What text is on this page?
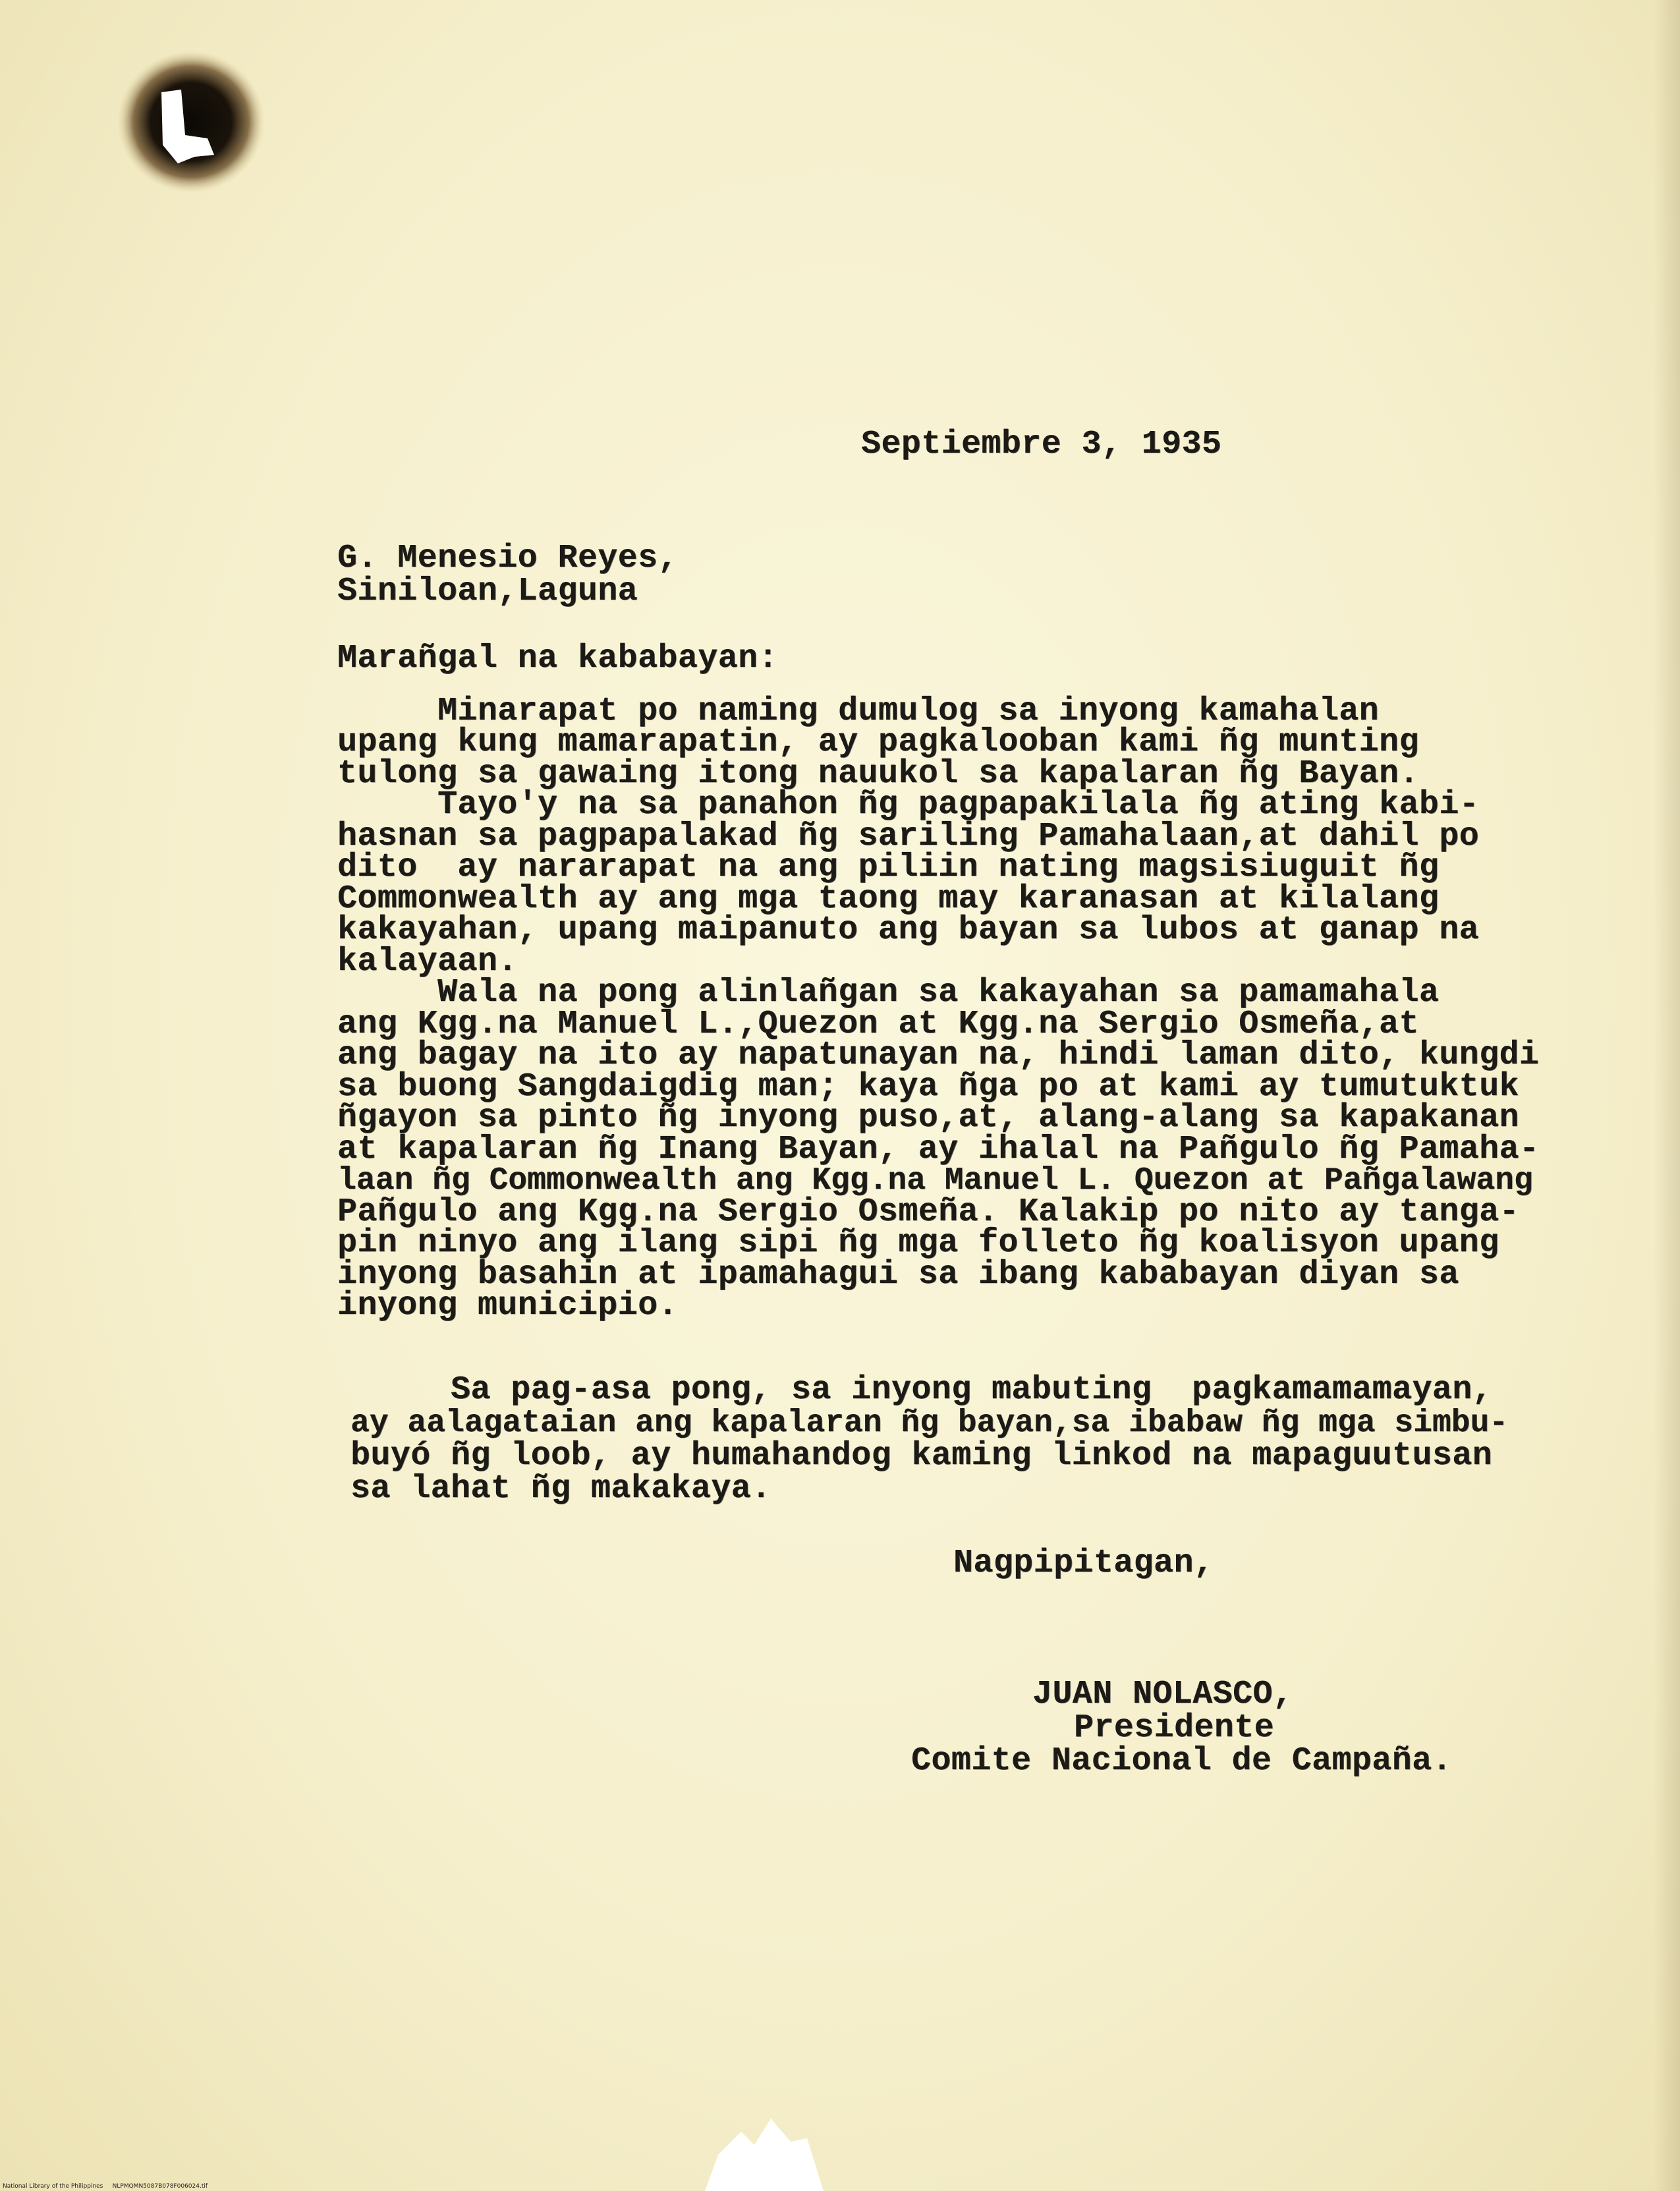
Septiembre 3, 1935
G. Menesio Reyes,
Siniloan,Laguna
Marañgal na kababayan:
Minarapat po naming dumulog sa inyong kamahalan
upang kung mamarapatin, ay pagkalooban kami ñg munting
tulong sa gawaing itong nauukol sa kapalaran ñg Bayan.
Tayo'y na sa panahon ñg pagpapakilala ñg ating kabi-
hasnan sa pagpapalakad ñg sariling Pamahalaan,at dahil po
dito  ay nararapat na ang piliin nating magsisiuguit ñg
Commonwealth ay ang mga taong may karanasan at kilalang
kakayahan, upang maipanuto ang bayan sa lubos at ganap na
kalayaan.
Wala na pong alinlañgan sa kakayahan sa pamamahala
ang Kgg.na Manuel L.,Quezon at Kgg.na Sergio Osmeña,at
ang bagay na ito ay napatunayan na, hindi laman dito, kungdi
sa buong Sangdaigdig man; kaya ñga po at kami ay tumutuktuk
ñgayon sa pinto ñg inyong puso,at, alang-alang sa kapakanan
at kapalaran ñg Inang Bayan, ay ihalal na Pañgulo ñg Pamaha-
laan ñg Commonwealth ang Kgg.na Manuel L. Quezon at Pañgalawang
Pañgulo ang Kgg.na Sergio Osmeña. Kalakip po nito ay tanga-
pin ninyo ang ilang sipi ñg mga folleto ñg koalisyon upang
inyong basahin at ipamahagui sa ibang kababayan diyan sa
inyong municipio.
Sa pag-asa pong, sa inyong mabuting  pagkamamamayan,
ay aalagataian ang kapalaran ñg bayan,sa ibabaw ñg mga simbu-
buyó ñg loob, ay humahandog kaming linkod na mapaguutusan
sa lahat ñg makakaya.
Nagpipitagan,
JUAN NOLASCO,
Presidente
Comite Nacional de Campaña.
National Library of the Philippines     NLPMQMN5087B078F006024.tif
